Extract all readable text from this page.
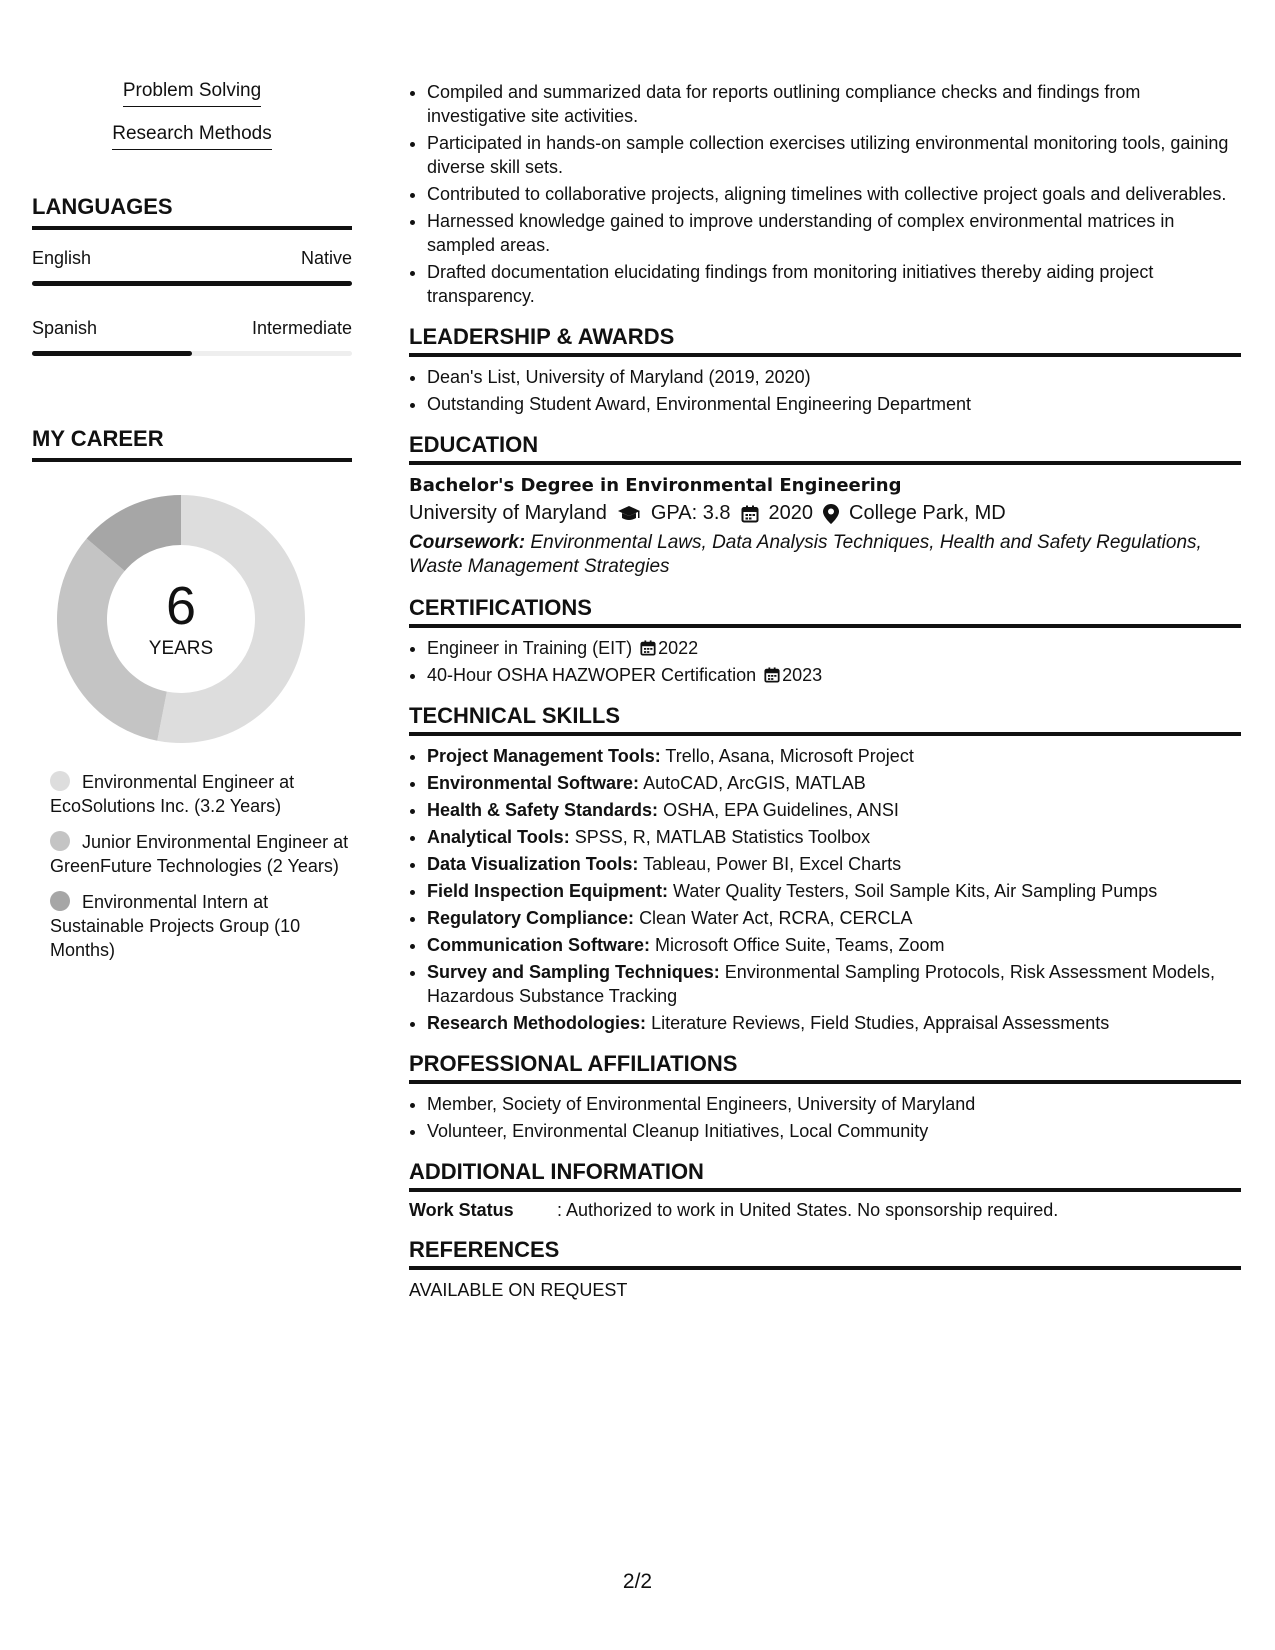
Problem Solving
Research Methods
LANGUAGES
English	Native
Spanish	Intermediate
MY CAREER
6
YEARS
Environmental Engineer at EcoSolutions Inc. (3.2 Years)
Junior Environmental Engineer at GreenFuture Technologies (2 Years)
Environmental Intern at Sustainable Projects Group (10 Months)
• Compiled and summarized data for reports outlining compliance checks and findings from investigative site activities.
• Participated in hands-on sample collection exercises utilizing environmental monitoring tools, gaining diverse skill sets.
• Contributed to collaborative projects, aligning timelines with collective project goals and deliverables.
• Harnessed knowledge gained to improve understanding of complex environmental matrices in sampled areas.
• Drafted documentation elucidating findings from monitoring initiatives thereby aiding project transparency.
LEADERSHIP & AWARDS
• Dean's List, University of Maryland (2019, 2020)
• Outstanding Student Award, Environmental Engineering Department
EDUCATION
Bachelor's Degree in Environmental Engineering
University of Maryland GPA: 3.8 2020 College Park, MD
Coursework: Environmental Laws, Data Analysis Techniques, Health and Safety Regulations, Waste Management Strategies
CERTIFICATIONS
• Engineer in Training (EIT) 2022
• 40-Hour OSHA HAZWOPER Certification 2023
TECHNICAL SKILLS
• Project Management Tools: Trello, Asana, Microsoft Project
• Environmental Software: AutoCAD, ArcGIS, MATLAB
• Health & Safety Standards: OSHA, EPA Guidelines, ANSI
• Analytical Tools: SPSS, R, MATLAB Statistics Toolbox
• Data Visualization Tools: Tableau, Power BI, Excel Charts
• Field Inspection Equipment: Water Quality Testers, Soil Sample Kits, Air Sampling Pumps
• Regulatory Compliance: Clean Water Act, RCRA, CERCLA
• Communication Software: Microsoft Office Suite, Teams, Zoom
• Survey and Sampling Techniques: Environmental Sampling Protocols, Risk Assessment Models, Hazardous Substance Tracking
• Research Methodologies: Literature Reviews, Field Studies, Appraisal Assessments
PROFESSIONAL AFFILIATIONS
• Member, Society of Environmental Engineers, University of Maryland
• Volunteer, Environmental Cleanup Initiatives, Local Community
ADDITIONAL INFORMATION
Work Status	: Authorized to work in United States. No sponsorship required.
REFERENCES
AVAILABLE ON REQUEST
2/2
